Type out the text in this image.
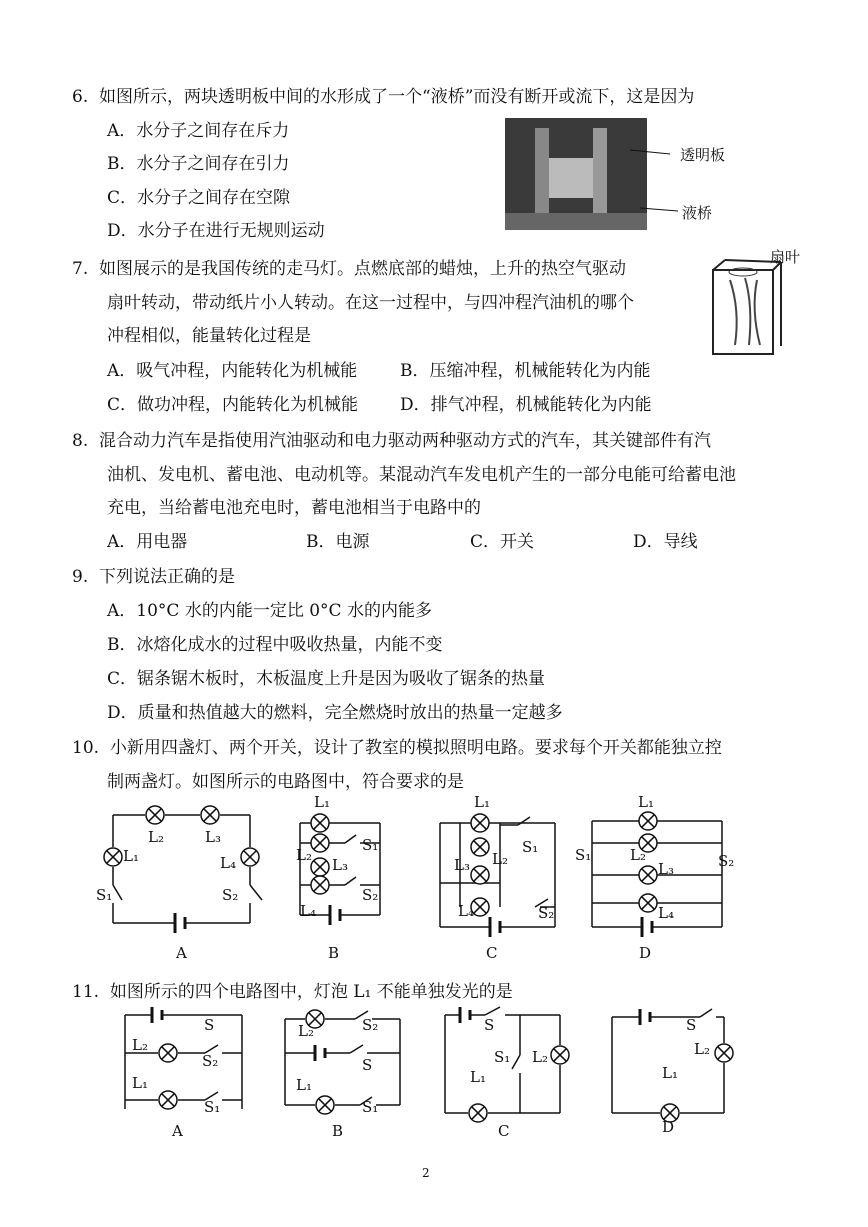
6.  如图所示，两块透明板中间的水形成了一个“液桥”而没有断开或流下，这是因为
A．水分子之间存在斥力
B．水分子之间存在引力
C．水分子之间存在空隙
D．水分子在进行无规则运动
透明板
液桥
7.  如图展示的是我国传统的走马灯。点燃底部的蜡烛，上升的热空气驱动
扇叶转动，带动纸片小人转动。在这一过程中，与四冲程汽油机的哪个
冲程相似，能量转化过程是
A．吸气冲程，内能转化为机械能	B．压缩冲程，机械能转化为内能
C．做功冲程，内能转化为机械能 D．排气冲程，机械能转化为内能
扇叶
8.  混合动力汽车是指使用汽油驱动和电力驱动两种驱动方式的汽车，其关键部件有汽
油机、发电机、蓄电池、电动机等。某混动汽车发电机产生的一部分电能可给蓄电池
充电，当给蓄电池充电时，蓄电池相当于电路中的
A．用电器	B．电源	C．开关	D．导线
9.  下列说法正确的是
A．10°C 水的内能一定比 0°C 水的内能多
B．冰熔化成水的过程中吸收热量，内能不变
C．锯条锯木板时，木板温度上升是因为吸收了锯条的热量
D．质量和热值越大的燃料，完全燃烧时放出的热量一定越多
10.  小新用四盏灯、两个开关，设计了教室的模拟照明电路。要求每个开关都能独立控
制两盏灯。如图所示的电路图中，符合要求的是
L₂	L₃
L₁	L₄
S₁	S₂
A
L₁
L₂
L₃
L₄
S₁
S₂
B
L₁
L₂
L₃
L₄
S₁
S₂
C
L₁
L₂
L₃
L₄
S₁	S₂
D
11.  如图所示的四个电路图中，灯泡 L₁ 不能单独发光的是
S
L₂
S₂
L₁
S₁
A
L₂	S₂
S
L₁
S₁
B
S
S₁ L₂
L₁
C
S
L₂
L₁
D
2
